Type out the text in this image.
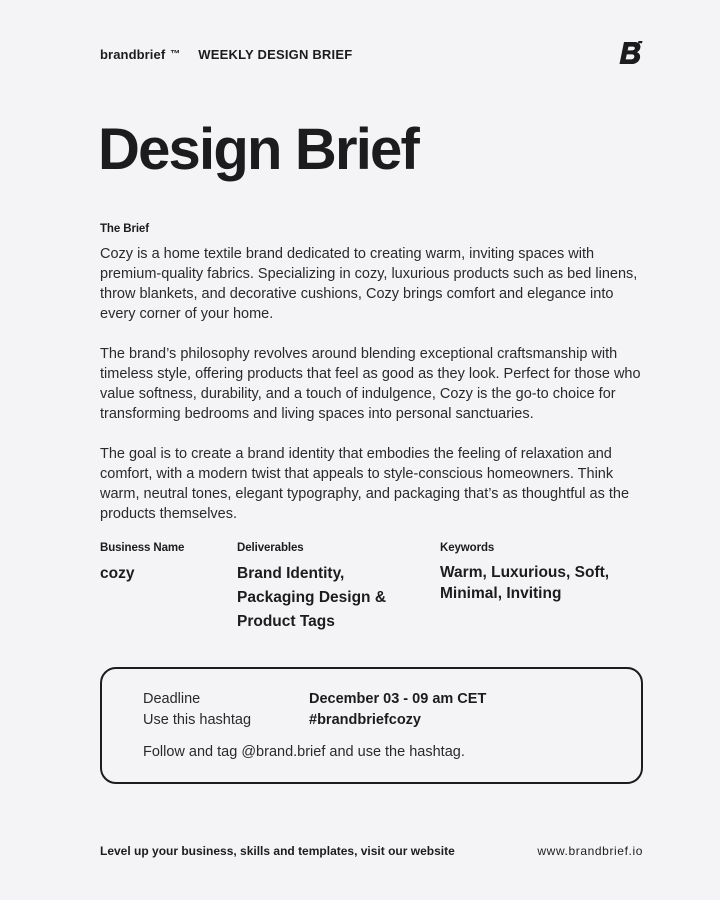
brandbrief ™ WEEKLY DESIGN BRIEF
Design Brief
The Brief

Cozy is a home textile brand dedicated to creating warm, inviting spaces with premium-quality fabrics. Specializing in cozy, luxurious products such as bed linens, throw blankets, and decorative cushions, Cozy brings comfort and elegance into every corner of your home.

The brand’s philosophy revolves around blending exceptional craftsmanship with timeless style, offering products that feel as good as they look. Perfect for those who value softness, durability, and a touch of indulgence, Cozy is the go-to choice for transforming bedrooms and living spaces into personal sanctuaries.

The goal is to create a brand identity that embodies the feeling of relaxation and comfort, with a modern twist that appeals to style-conscious homeowners. Think warm, neutral tones, elegant typography, and packaging that’s as thoughtful as the products themselves.

Business Name
cozy
Deliverables
Brand Identity,
Packaging Design &
Product Tags
Keywords
Warm, Luxurious, Soft,
Minimal, Inviting
Deadline	December 03 - 09 am CET
Use this hashtag	#brandbriefcozy
Follow and tag @brand.brief and use the hashtag.
Level up your business, skills and templates, visit our website	www.brandbrief.io
